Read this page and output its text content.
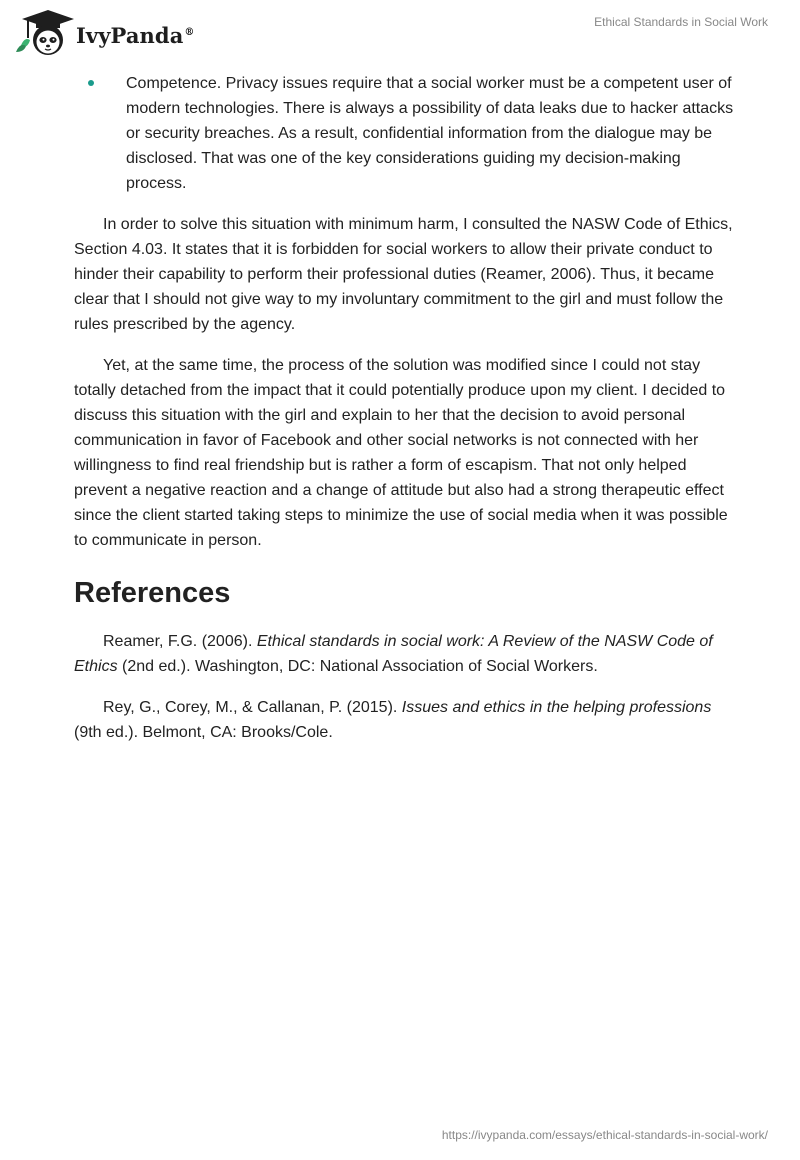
IvyPanda®
Ethical Standards in Social Work
Competence. Privacy issues require that a social worker must be a competent user of modern technologies. There is always a possibility of data leaks due to hacker attacks or security breaches. As a result, confidential information from the dialogue may be disclosed. That was one of the key considerations guiding my decision-making process.

In order to solve this situation with minimum harm, I consulted the NASW Code of Ethics, Section 4.03. It states that it is forbidden for social workers to allow their private conduct to hinder their capability to perform their professional duties (Reamer, 2006). Thus, it became clear that I should not give way to my involuntary commitment to the girl and must follow the rules prescribed by the agency.

Yet, at the same time, the process of the solution was modified since I could not stay totally detached from the impact that it could potentially produce upon my client. I decided to discuss this situation with the girl and explain to her that the decision to avoid personal communication in favor of Facebook and other social networks is not connected with her willingness to find real friendship but is rather a form of escapism. That not only helped prevent a negative reaction and a change of attitude but also had a strong therapeutic effect since the client started taking steps to minimize the use of social media when it was possible to communicate in person.

References

Reamer, F.G. (2006). Ethical standards in social work: A Review of the NASW Code of Ethics (2nd ed.). Washington, DC: National Association of Social Workers.

Rey, G., Corey, M., & Callanan, P. (2015). Issues and ethics in the helping professions (9th ed.). Belmont, CA: Brooks/Cole.

https://ivypanda.com/essays/ethical-standards-in-social-work/
